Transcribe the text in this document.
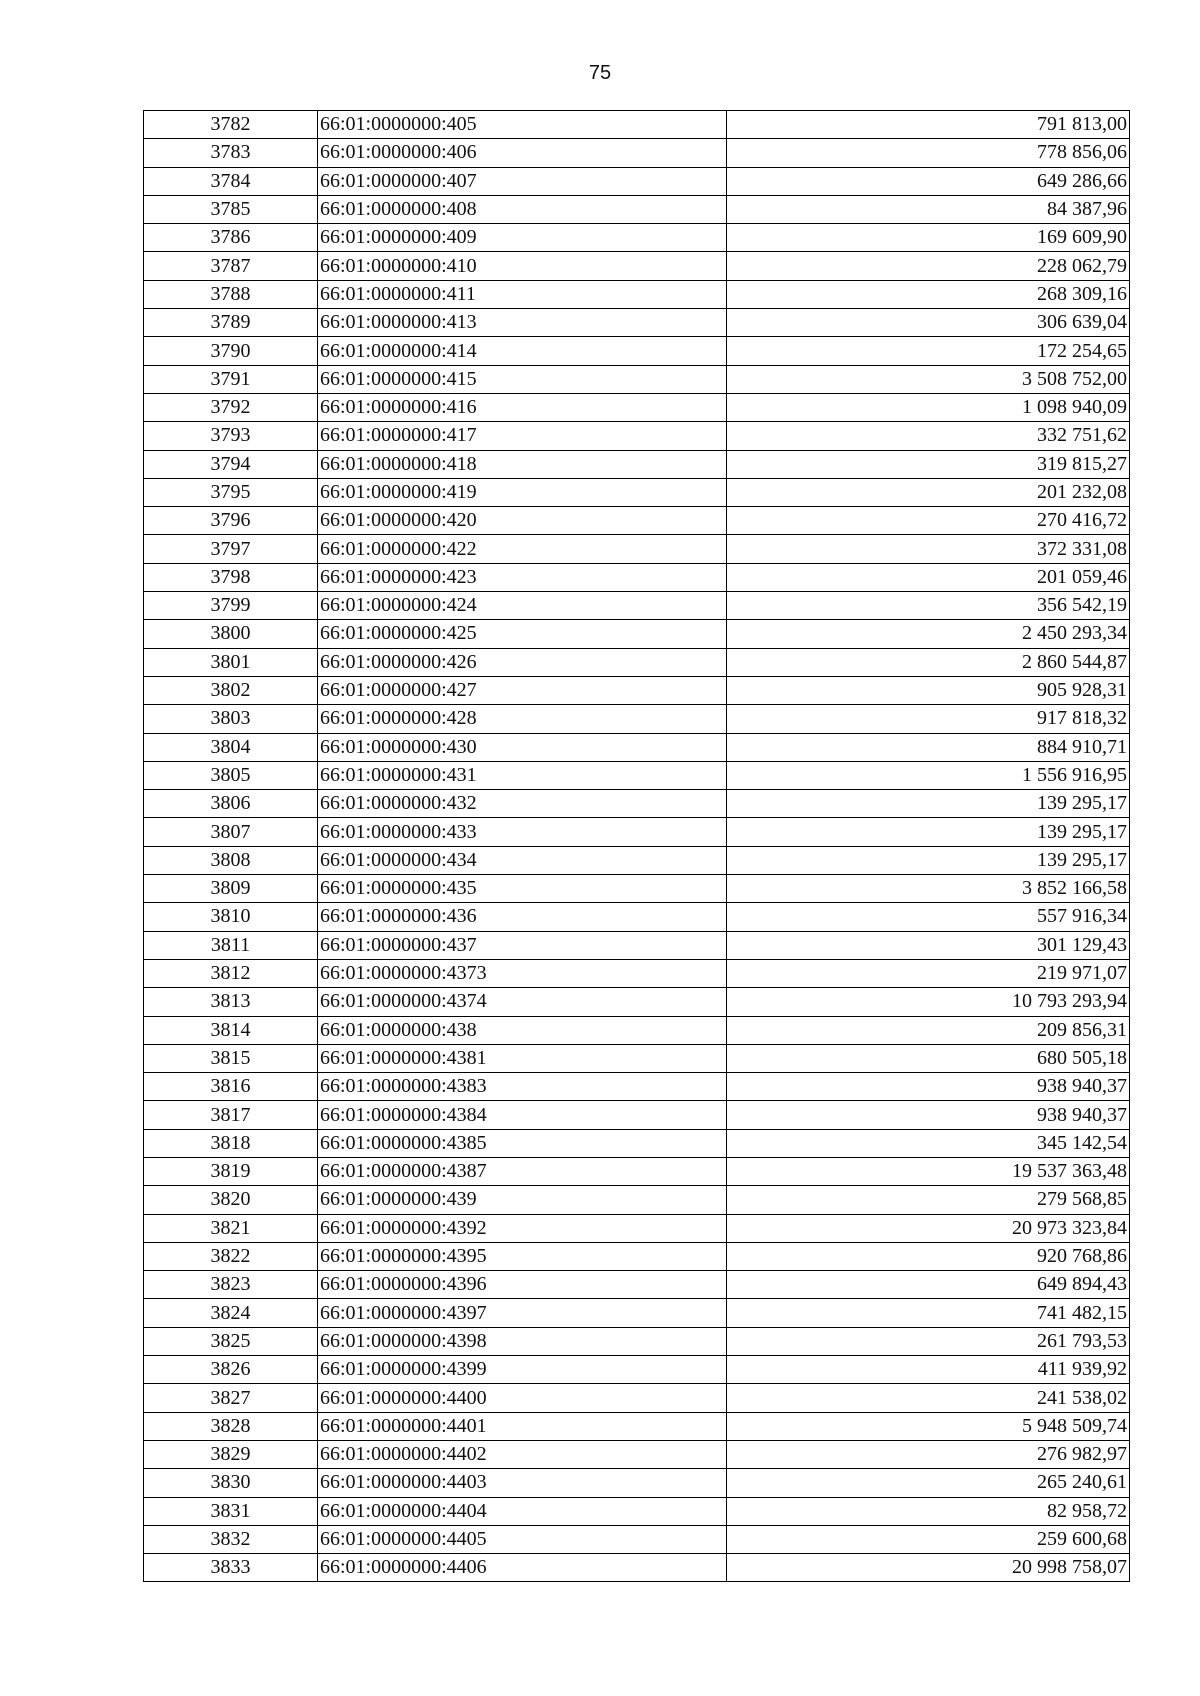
75
3782	66:01:0000000:405	791 813,00
3783	66:01:0000000:406	778 856,06
3784	66:01:0000000:407	649 286,66
3785	66:01:0000000:408	84 387,96
3786	66:01:0000000:409	169 609,90
3787	66:01:0000000:410	228 062,79
3788	66:01:0000000:411	268 309,16
3789	66:01:0000000:413	306 639,04
3790	66:01:0000000:414	172 254,65
3791	66:01:0000000:415	3 508 752,00
3792	66:01:0000000:416	1 098 940,09
3793	66:01:0000000:417	332 751,62
3794	66:01:0000000:418	319 815,27
3795	66:01:0000000:419	201 232,08
3796	66:01:0000000:420	270 416,72
3797	66:01:0000000:422	372 331,08
3798	66:01:0000000:423	201 059,46
3799	66:01:0000000:424	356 542,19
3800	66:01:0000000:425	2 450 293,34
3801	66:01:0000000:426	2 860 544,87
3802	66:01:0000000:427	905 928,31
3803	66:01:0000000:428	917 818,32
3804	66:01:0000000:430	884 910,71
3805	66:01:0000000:431	1 556 916,95
3806	66:01:0000000:432	139 295,17
3807	66:01:0000000:433	139 295,17
3808	66:01:0000000:434	139 295,17
3809	66:01:0000000:435	3 852 166,58
3810	66:01:0000000:436	557 916,34
3811	66:01:0000000:437	301 129,43
3812	66:01:0000000:4373	219 971,07
3813	66:01:0000000:4374	10 793 293,94
3814	66:01:0000000:438	209 856,31
3815	66:01:0000000:4381	680 505,18
3816	66:01:0000000:4383	938 940,37
3817	66:01:0000000:4384	938 940,37
3818	66:01:0000000:4385	345 142,54
3819	66:01:0000000:4387	19 537 363,48
3820	66:01:0000000:439	279 568,85
3821	66:01:0000000:4392	20 973 323,84
3822	66:01:0000000:4395	920 768,86
3823	66:01:0000000:4396	649 894,43
3824	66:01:0000000:4397	741 482,15
3825	66:01:0000000:4398	261 793,53
3826	66:01:0000000:4399	411 939,92
3827	66:01:0000000:4400	241 538,02
3828	66:01:0000000:4401	5 948 509,74
3829	66:01:0000000:4402	276 982,97
3830	66:01:0000000:4403	265 240,61
3831	66:01:0000000:4404	82 958,72
3832	66:01:0000000:4405	259 600,68
3833	66:01:0000000:4406	20 998 758,07
